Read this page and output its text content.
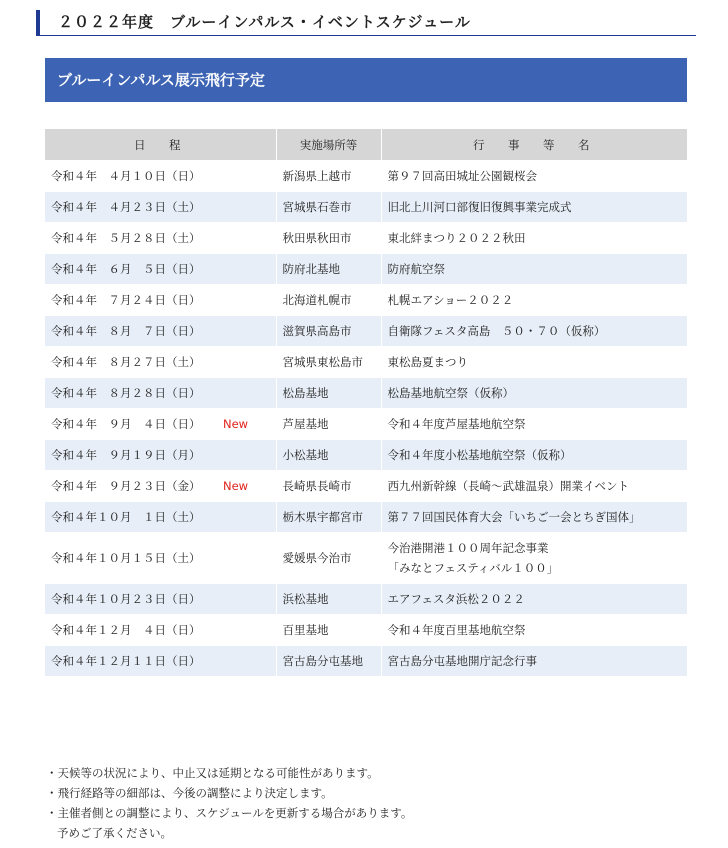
２０２２年度　ブルーインパルス・イベントスケジュール
ブルーインパルス展示飛行予定
日　程	実施場所等	行　事　等　名
令和４年　４月１０日（日）	新潟県上越市	第９７回高田城址公園観桜会

令和４年　４月２３日（土）	宮城県石巻市	旧北上川河口部復旧復興事業完成式

令和４年　５月２８日（土）	秋田県秋田市	東北絆まつり２０２２秋田

令和４年　６月　５日（日）	防府北基地	防府航空祭

令和４年　７月２４日（日）	北海道札幌市	札幌エアショー２０２２

令和４年　８月　７日（日）	滋賀県高島市	自衛隊フェスタ高島　５０・７０（仮称）

令和４年　８月２７日（土）	宮城県東松島市	東松島夏まつり

令和４年　８月２８日（日）	松島基地	松島基地航空祭（仮称）

令和４年　９月　４日（日） New	芦屋基地	令和４年度芦屋基地航空祭

令和４年　９月１９日（月）	小松基地	令和４年度小松基地航空祭（仮称）

令和４年　９月２３日（金） New	長崎県長崎市	西九州新幹線（長崎～武雄温泉）開業イベント

令和４年１０月　１日（土）	栃木県宇都宮市	第７７回国民体育大会「いちご一会とちぎ国体」

令和４年１０月１５日（土）	愛媛県今治市	今治港開港１００周年記念事業
「みなとフェスティバル１００」

令和４年１０月２３日（日）	浜松基地	エアフェスタ浜松２０２２

令和４年１２月　４日（日）	百里基地	令和４年度百里基地航空祭

令和４年１２月１１日（日）	宮古島分屯基地	宮古島分屯基地開庁記念行事
・天候等の状況により、中止又は延期となる可能性があります。
・飛行経路等の細部は、今後の調整により決定します。
・主催者側との調整により、スケジュールを更新する場合があります。
予めご了承ください。
